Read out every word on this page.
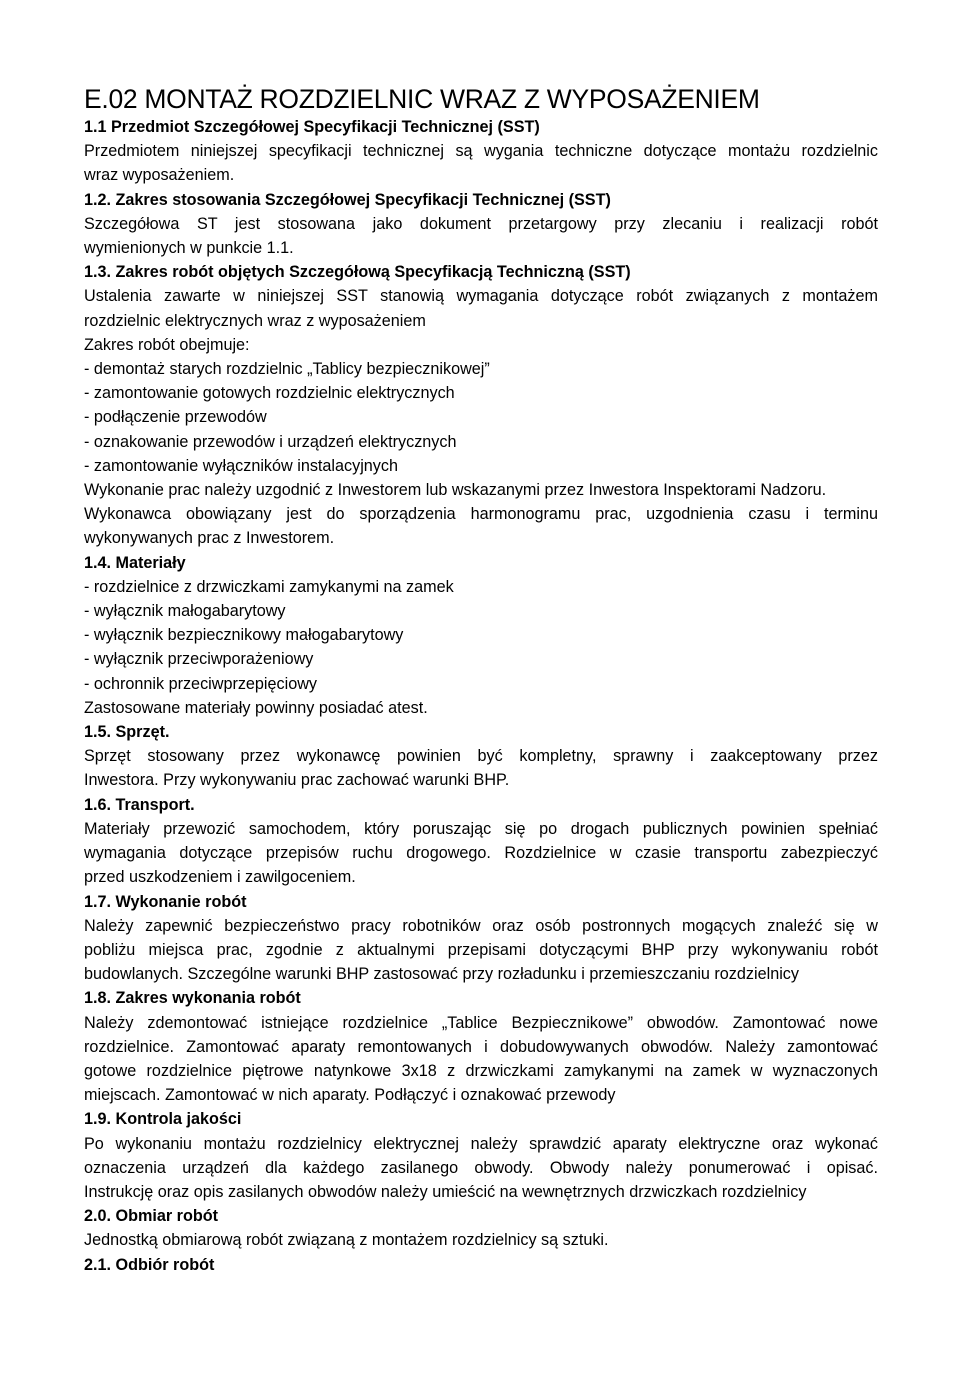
E.02 MONTAŻ ROZDZIELNIC WRAZ Z WYPOSAŻENIEM
1.1 Przedmiot Szczegółowej Specyfikacji Technicznej (SST)
Przedmiotem niniejszej specyfikacji technicznej są wygania techniczne dotyczące montażu rozdzielnic
wraz wyposażeniem.
1.2. Zakres stosowania Szczegółowej Specyfikacji Technicznej (SST)
Szczegółowa ST jest stosowana jako dokument przetargowy przy zlecaniu i realizacji robót
wymienionych w punkcie 1.1.
1.3. Zakres robót objętych Szczegółową Specyfikacją Techniczną (SST)
Ustalenia zawarte w niniejszej SST stanowią wymagania dotyczące robót związanych z montażem
rozdzielnic elektrycznych wraz z wyposażeniem
Zakres robót obejmuje:
- demontaż starych rozdzielnic „Tablicy bezpiecznikowej”
- zamontowanie gotowych rozdzielnic elektrycznych
- podłączenie przewodów
- oznakowanie przewodów i urządzeń elektrycznych
- zamontowanie wyłączników instalacyjnych
Wykonanie prac należy uzgodnić z Inwestorem lub wskazanymi przez Inwestora Inspektorami Nadzoru.
Wykonawca obowiązany jest do sporządzenia harmonogramu prac, uzgodnienia czasu i terminu
wykonywanych prac z Inwestorem.
1.4. Materiały
- rozdzielnice z drzwiczkami zamykanymi na zamek
- wyłącznik małogabarytowy
- wyłącznik bezpiecznikowy małogabarytowy
- wyłącznik przeciwporażeniowy
- ochronnik przeciwprzepięciowy
Zastosowane materiały powinny posiadać atest.
1.5. Sprzęt.
Sprzęt stosowany przez wykonawcę powinien być kompletny, sprawny i zaakceptowany przez
Inwestora. Przy wykonywaniu prac zachować warunki BHP.
1.6. Transport.
Materiały przewozić samochodem, który poruszając się po drogach publicznych powinien spełniać
wymagania dotyczące przepisów ruchu drogowego. Rozdzielnice w czasie transportu zabezpieczyć
przed uszkodzeniem i zawilgoceniem.
1.7. Wykonanie robót
Należy zapewnić bezpieczeństwo pracy robotników oraz osób postronnych mogących znaleźć się w
pobliżu miejsca prac, zgodnie z aktualnymi przepisami dotyczącymi BHP przy wykonywaniu robót
budowlanych. Szczególne warunki BHP zastosować przy rozładunku i przemieszczaniu rozdzielnicy
1.8. Zakres wykonania robót
Należy zdemontować istniejące rozdzielnice „Tablice Bezpiecznikowe” obwodów. Zamontować nowe
rozdzielnice. Zamontować aparaty remontowanych i dobudowywanych obwodów. Należy zamontować
gotowe rozdzielnice piętrowe natynkowe 3x18 z drzwiczkami zamykanymi na zamek w wyznaczonych
miejscach. Zamontować w nich aparaty. Podłączyć i oznakować przewody
1.9. Kontrola jakości
Po wykonaniu montażu rozdzielnicy elektrycznej należy sprawdzić aparaty elektryczne oraz wykonać
oznaczenia urządzeń dla każdego zasilanego obwody. Obwody należy ponumerować i opisać.
Instrukcję oraz opis zasilanych obwodów należy umieścić na wewnętrznych drzwiczkach rozdzielnicy
2.0. Obmiar robót
Jednostką obmiarową robót związaną z montażem rozdzielnicy są sztuki.
2.1. Odbiór robót
